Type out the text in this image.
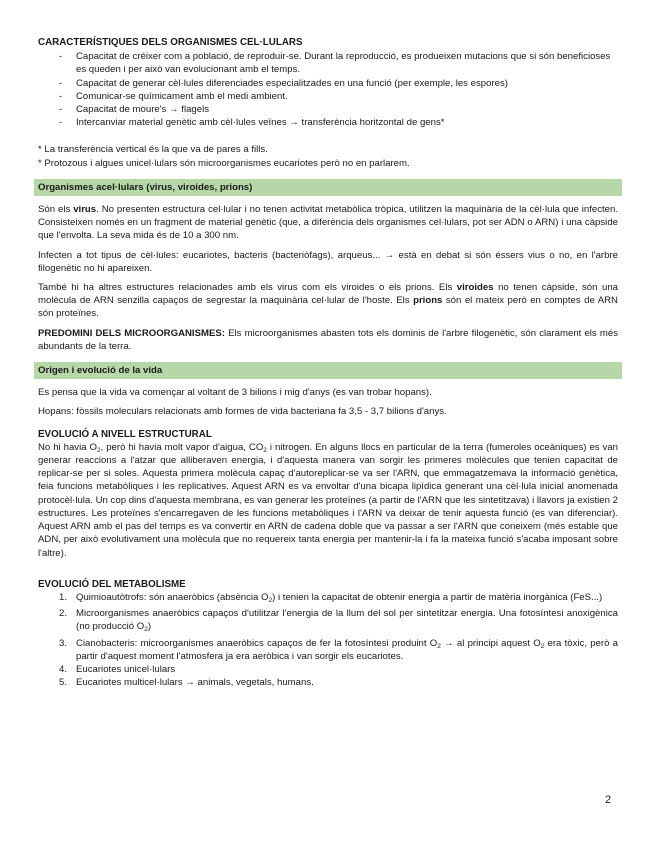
CARACTERÍSTIQUES DELS ORGANISMES CEL·LULARS
- Capacitat de créixer com a població, de reproduir-se. Durant la reproducció, es produeixen mutacions que si són beneficioses es queden i per això van evolucionant amb el temps.
- Capacitat de generar cèl·lules diferenciades especialitzades en una funció (per exemple, les espores)
- Comunicar-se químicament amb el medi ambient.
- Capacitat de moure's → flagels
- Intercanviar material genètic amb cèl·lules veïnes → transferència horitzontal de gens*

* La transferència vertical és la que va de pares a fills.

* Protozous i algues unicel·lulars són microorganismes eucariotes però no en parlarem.

Organismes acel·lulars (virus, viroides, prions)

Són els virus. No presenten estructura cel·lular i no tenen activitat metabòlica tròpica, utilitzen la maquinària de la cèl·lula que infecten. Consisteixen només en un fragment de material genètic (que, a diferència dels organismes cel·lulars, pot ser ADN o ARN) i una càpside que l'envolta. La seva mida és de 10 a 300 nm.

Infecten a tot tipus de cèl·lules: eucariotes, bacteris (bacteriòfags), arqueus... → està en debat si són éssers vius o no, en l'arbre filogenètic no hi apareixen.

També hi ha altres estructures relacionades amb els virus com els viroides o els prions. Els viroides no tenen càpside, són una molècula de ARN senzilla capaços de segrestar la maquinària cel·lular de l'hoste. Els prions són el mateix però en comptes de ARN són proteïnes.

PREDOMINI DELS MICROORGANISMES: Els microorganismes abasten tots els dominis de l'arbre filogenètic, són clarament els més abundants de la terra.

Origen i evolució de la vida

Es pensa que la vida va començar al voltant de 3 bilions i mig d'anys (es van trobar hopans).

Hopans: fòssils moleculars relacionats amb formes de vida bacteriana fa 3,5 - 3,7 bilions d'anys.

EVOLUCIÓ A NIVELL ESTRUCTURAL

No hi havia $O_2$, però hi havia molt vapor d'aigua, $CO_2$ i nitrogen. En alguns llocs en particular de la terra (fumeroles oceàniques) es van generar reaccions a l'atzar que alliberaven energia, i d'aquesta manera van sorgir les primeres molècules que tenien capacitat de replicar-se per si soles. Aquesta primera molècula capaç d'autoreplicar-se va ser l'ARN, que emmagatzemava la informació genètica, feia funcions metabòliques i les replicatives. Aquest ARN es va envoltar d'una bicapa lipídica generant una cèl·lula inicial anomenada protocèl·lula. Un cop dins d'aquesta membrana, es van generar les proteïnes (a partir de l'ARN que les sintetitzava) i llavors ja existien 2 estructures. Les proteïnes s'encarregaven de les funcions metabòliques i l'ARN va deixar de tenir aquesta funció (es van diferenciar). Aquest ARN amb el pas del temps es va convertir en ARN de cadena doble que va passar a ser l'ARN que coneixem (més estable que ADN, per això evolutivament una molècula que no requereix tanta energia per mantenir-la i fa la mateixa funció s'acaba imposant sobre l'altre).

EVOLUCIÓ DEL METABOLISME
1. Quimioautòtrofs: són anaeròbics (absència $O_2$) i tenien la capacitat de obtenir energia a partir de matèria inorgànica (FeS...)
2. Microorganismes anaeròbics capaços d'utilitzar l'energia de la llum del sol per sintetitzar energia. Una fotosíntesi anoxigènica (no producció $O_2$)
3. Cianobacteris: microorganismes anaeròbics capaços de fer la fotosíntesi produint $O_2$ → al principi aquest $O_2$ era tòxic, però a partir d'aquest moment l'atmosfera ja era aeròbica i van sorgir els eucariotes.
4. Eucariotes unicel·lulars
5. Eucariotes multicel·lulars → animals, vegetals, humans.
2
